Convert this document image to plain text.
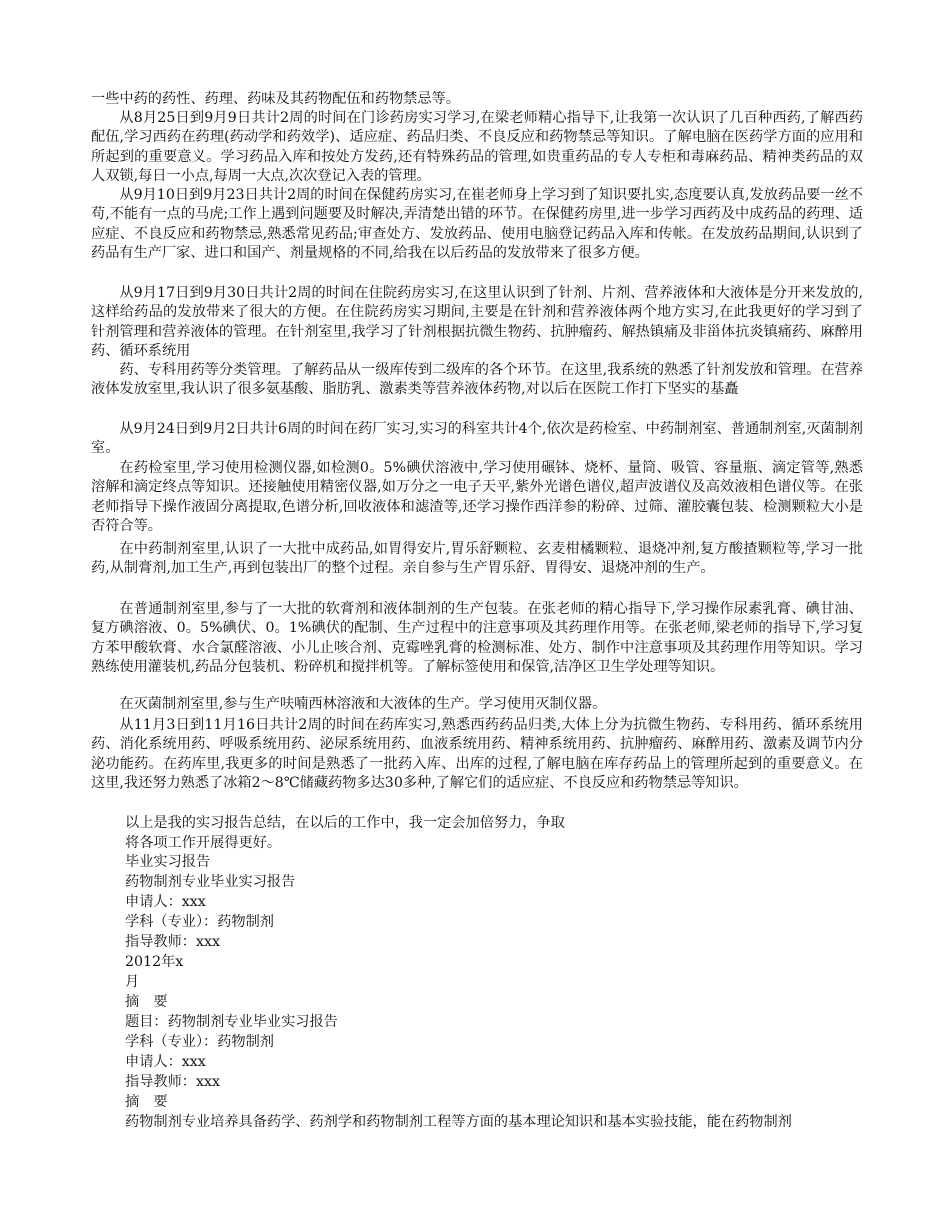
一些中药的药性、药理、药味及其药物配伍和药物禁忌等。

从8月25日到9月9日共计2周的时间在门诊药房实习学习,在梁老师精心指导下,让我第一次认识了几百种西药,了解西药配伍,学习西药在药理(药动学和药效学)、适应症、药品归类、不良反应和药物禁忌等知识。了解电脑在医药学方面的应用和所起到的重要意义。学习药品入库和按处方发药,还有特殊药品的管理,如贵重药品的专人专柜和毒麻药品、精神类药品的双人双锁,每日一小点,每周一大点,次次登记入表的管理。

从9月10日到9月23日共计2周的时间在保健药房实习,在崔老师身上学习到了知识要扎实,态度要认真,发放药品要一丝不苟,不能有一点的马虎;工作上遇到问题要及时解决,弄清楚出错的环节。在保健药房里,进一步学习西药及中成药品的药理、适应症、不良反应和药物禁忌,熟悉常见药品;审查处方、发放药品、使用电脑登记药品入库和传帐。在发放药品期间,认识到了药品有生产厂家、进口和国产、剂量规格的不同,给我在以后药品的发放带来了很多方便。

从9月17日到9月30日共计2周的时间在住院药房实习,在这里认识到了针剂、片剂、营养液体和大液体是分开来发放的,这样给药品的发放带来了很大的方便。在住院药房实习期间,主要是在针剂和营养液体两个地方实习,在此我更好的学习到了针剂管理和营养液体的管理。在针剂室里,我学习了针剂根据抗微生物药、抗肿瘤药、解热镇痛及非甾体抗炎镇痛药、麻醉用药、循环系统用

药、专科用药等分类管理。了解药品从一级库传到二级库的各个环节。在这里,我系统的熟悉了针剂发放和管理。在营养液体发放室里,我认识了很多氨基酸、脂肪乳、激素类等营养液体药物,对以后在医院工作打下坚实的基矗

从9月24日到9月2日共计6周的时间在药厂实习,实习的科室共计4个,依次是药检室、中药制剂室、普通制剂室,灭菌制剂室。

在药检室里,学习使用检测仪器,如检测0。5%碘伏溶液中,学习使用碾钵、烧杯、量筒、吸管、容量瓶、滴定管等,熟悉溶解和滴定终点等知识。还接触使用精密仪器,如万分之一电子天平,紫外光谱色谱仪,超声波谱仪及高效液相色谱仪等。在张老师指导下操作液固分离提取,色谱分析,回收液体和滤渣等,还学习操作西洋参的粉碎、过筛、灌胶囊包装、检测颗粒大小是否符合等。

在中药制剂室里,认识了一大批中成药品,如胃得安片,胃乐舒颗粒、玄麦柑橘颗粒、退烧冲剂,复方酸揸颗粒等,学习一批药,从制膏剂,加工生产,再到包装出厂的整个过程。亲自参与生产胃乐舒、胃得安、退烧冲剂的生产。

在普通制剂室里,参与了一大批的软膏剂和液体制剂的生产包装。在张老师的精心指导下,学习操作尿素乳膏、碘甘油、复方碘溶液、0。5%碘伏、0。1%碘伏的配制、生产过程中的注意事项及其药理作用等。在张老师,梁老师的指导下,学习复方苯甲酸软膏、水合氯醛溶液、小儿止咳合剂、克霉唑乳膏的检测标准、处方、制作中注意事项及其药理作用等知识。学习熟练使用灌装机,药品分包装机、粉碎机和搅拌机等。了解标签使用和保管,洁净区卫生学处理等知识。

在灭菌制剂室里,参与生产呋喃西林溶液和大液体的生产。学习使用灭制仪器。

从11月3日到11月16日共计2周的时间在药库实习,熟悉西药药品归类,大体上分为抗微生物药、专科用药、循环系统用药、消化系统用药、呼吸系统用药、泌尿系统用药、血液系统用药、精神系统用药、抗肿瘤药、麻醉用药、激素及调节内分泌功能药。在药库里,我更多的时间是熟悉了一批药入库、出库的过程,了解电脑在库存药品上的管理所起到的重要意义。在这里,我还努力熟悉了冰箱2～8℃储藏药物多达30多种,了解它们的适应症、不良反应和药物禁忌等知识。

以上是我的实习报告总结，在以后的工作中，我一定会加倍努力，争取

将各项工作开展得更好。

毕业实习报告

药物制剂专业毕业实习报告

申请人：xxx

学科（专业）：药物制剂

指导教师：xxx

2012年x

月

摘　要

题目：药物制剂专业毕业实习报告

学科（专业）：药物制剂

申请人：xxx

指导教师：xxx

摘　要

药物制剂专业培养具备药学、药剂学和药物制剂工程等方面的基本理论知识和基本实验技能，能在药物制剂
